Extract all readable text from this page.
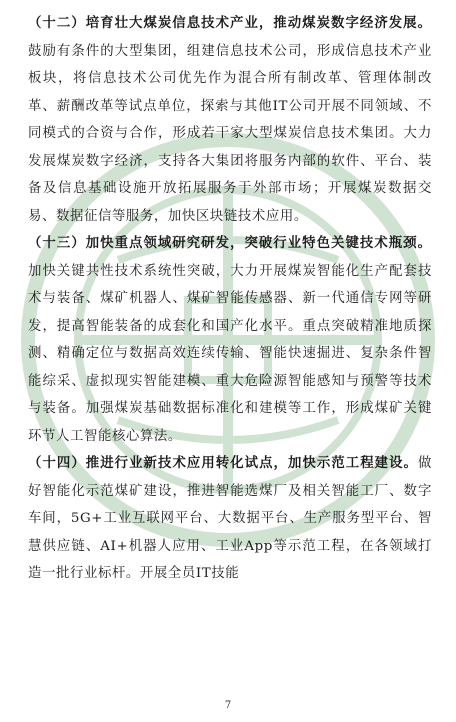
（十二）培育壮大煤炭信息技术产业，推动煤炭数字经济发展。鼓励有条件的大型集团，组建信息技术公司，形成信息技术产业板块，将信息技术公司优先作为混合所有制改革、管理体制改革、薪酬改革等试点单位，探索与其他IT公司开展不同领域、不同模式的合资与合作，形成若干家大型煤炭信息技术集团。大力发展煤炭数字经济，支持各大集团将服务内部的软件、平台、装备及信息基础设施开放拓展服务于外部市场；开展煤炭数据交易、数据征信等服务，加快区块链技术应用。

（十三）加快重点领域研究研发，突破行业特色关键技术瓶颈。加快关键共性技术系统性突破，大力开展煤炭智能化生产配套技术与装备、煤矿机器人、煤矿智能传感器、新一代通信专网等研发，提高智能装备的成套化和国产化水平。重点突破精准地质探测、精确定位与数据高效连续传输、智能快速掘进、复杂条件智能综采、虚拟现实智能建模、重大危险源智能感知与预警等技术与装备。加强煤炭基础数据标准化和建模等工作，形成煤矿关键环节人工智能核心算法。

（十四）推进行业新技术应用转化试点，加快示范工程建设。做好智能化示范煤矿建设，推进智能选煤厂及相关智能工厂、数字车间，5G+工业互联网平台、大数据平台、生产服务型平台、智慧供应链、AI+机器人应用、工业App等示范工程，在各领域打造一批行业标杆。开展全员IT技能

7
